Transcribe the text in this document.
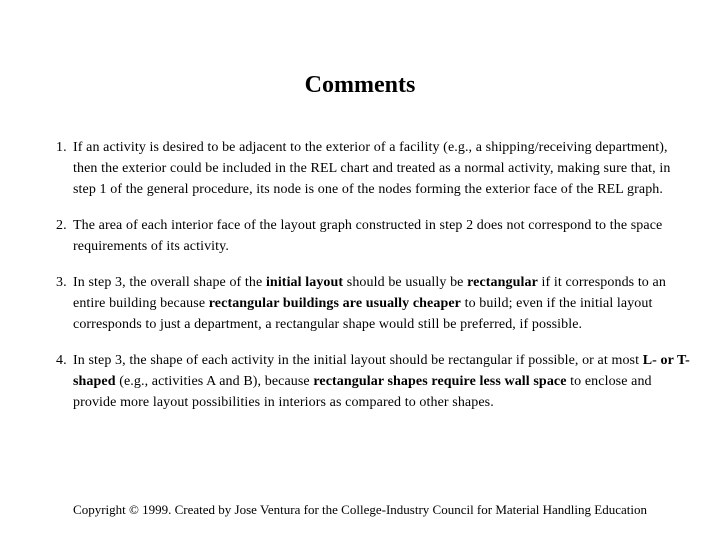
Comments
1. If an activity is desired to be adjacent to the exterior of a facility (e.g., a shipping/receiving department), then the exterior could be included in the REL chart and treated as a normal activity, making sure that, in step 1 of the general procedure, its node is one of the nodes forming the exterior face of the REL graph.
2. The area of each interior face of the layout graph constructed in step 2 does not correspond to the space requirements of its activity.
3. In step 3, the overall shape of the initial layout should be usually be rectangular if it corresponds to an entire building because rectangular buildings are usually cheaper to build; even if the initial layout corresponds to just a department, a rectangular shape would still be preferred, if possible.
4. In step 3, the shape of each activity in the initial layout should be rectangular if possible, or at most L- or T-shaped (e.g., activities A and B), because rectangular shapes require less wall space to enclose and provide more layout possibilities in interiors as compared to other shapes.

Copyright © 1999. Created by Jose Ventura for the College-Industry Council for Material Handling Education
